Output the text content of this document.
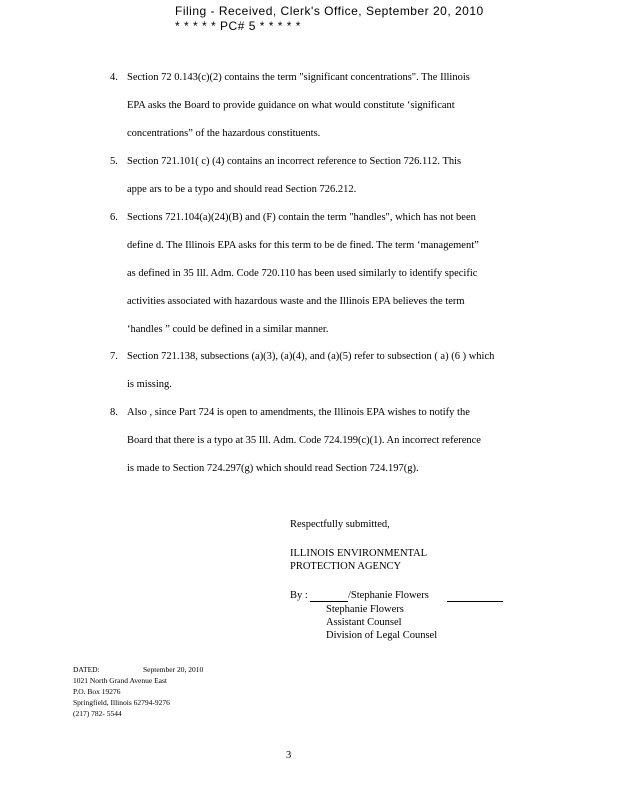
Filing - Received, Clerk's Office, September 20, 2010
* * * * * PC# 5 * * * * *
4. Section 72 0.143(c)(2) contains the term "significant concentrations". The Illinois
EPA asks the Board to provide guidance on what would constitute ‘significant
concentrations” of the hazardous constituents.
5. Section 721.101( c) (4) contains an incorrect reference to Section 726.112. This
appe ars to be a typo and should read Section 726.212.
6. Sections 721.104(a)(24)(B) and (F) contain the term "handles", which has not been
define d. The Illinois EPA asks for this term to be de fined. The term ‘management”
as defined in 35 Ill. Adm. Code 720.110 has been used similarly to identify specific
activities associated with hazardous waste and the Illinois EPA believes the term
‘handles ” could be defined in a similar manner.
7. Section 721.138, subsections (a)(3), (a)(4), and (a)(5) refer to subsection ( a) (6 ) which
is missing.
8. Also , since Part 724 is open to amendments, the Illinois EPA wishes to notify the
Board that there is a typo at 35 Ill. Adm. Code 724.199(c)(1). An incorrect reference
is made to Section 724.297(g) which should read Section 724.197(g).
Respectfully submitted,
ILLINOIS ENVIRONMENTAL
PROTECTION AGENCY
By :	/Stephanie Flowers
Stephanie Flowers
Assistant Counsel
Division of Legal Counsel
DATED:	September 20, 2010
1021 North Grand Avenue East
P.O. Box 19276
Springfield, Illinois 62794-9276
(217) 782- 5544
3
